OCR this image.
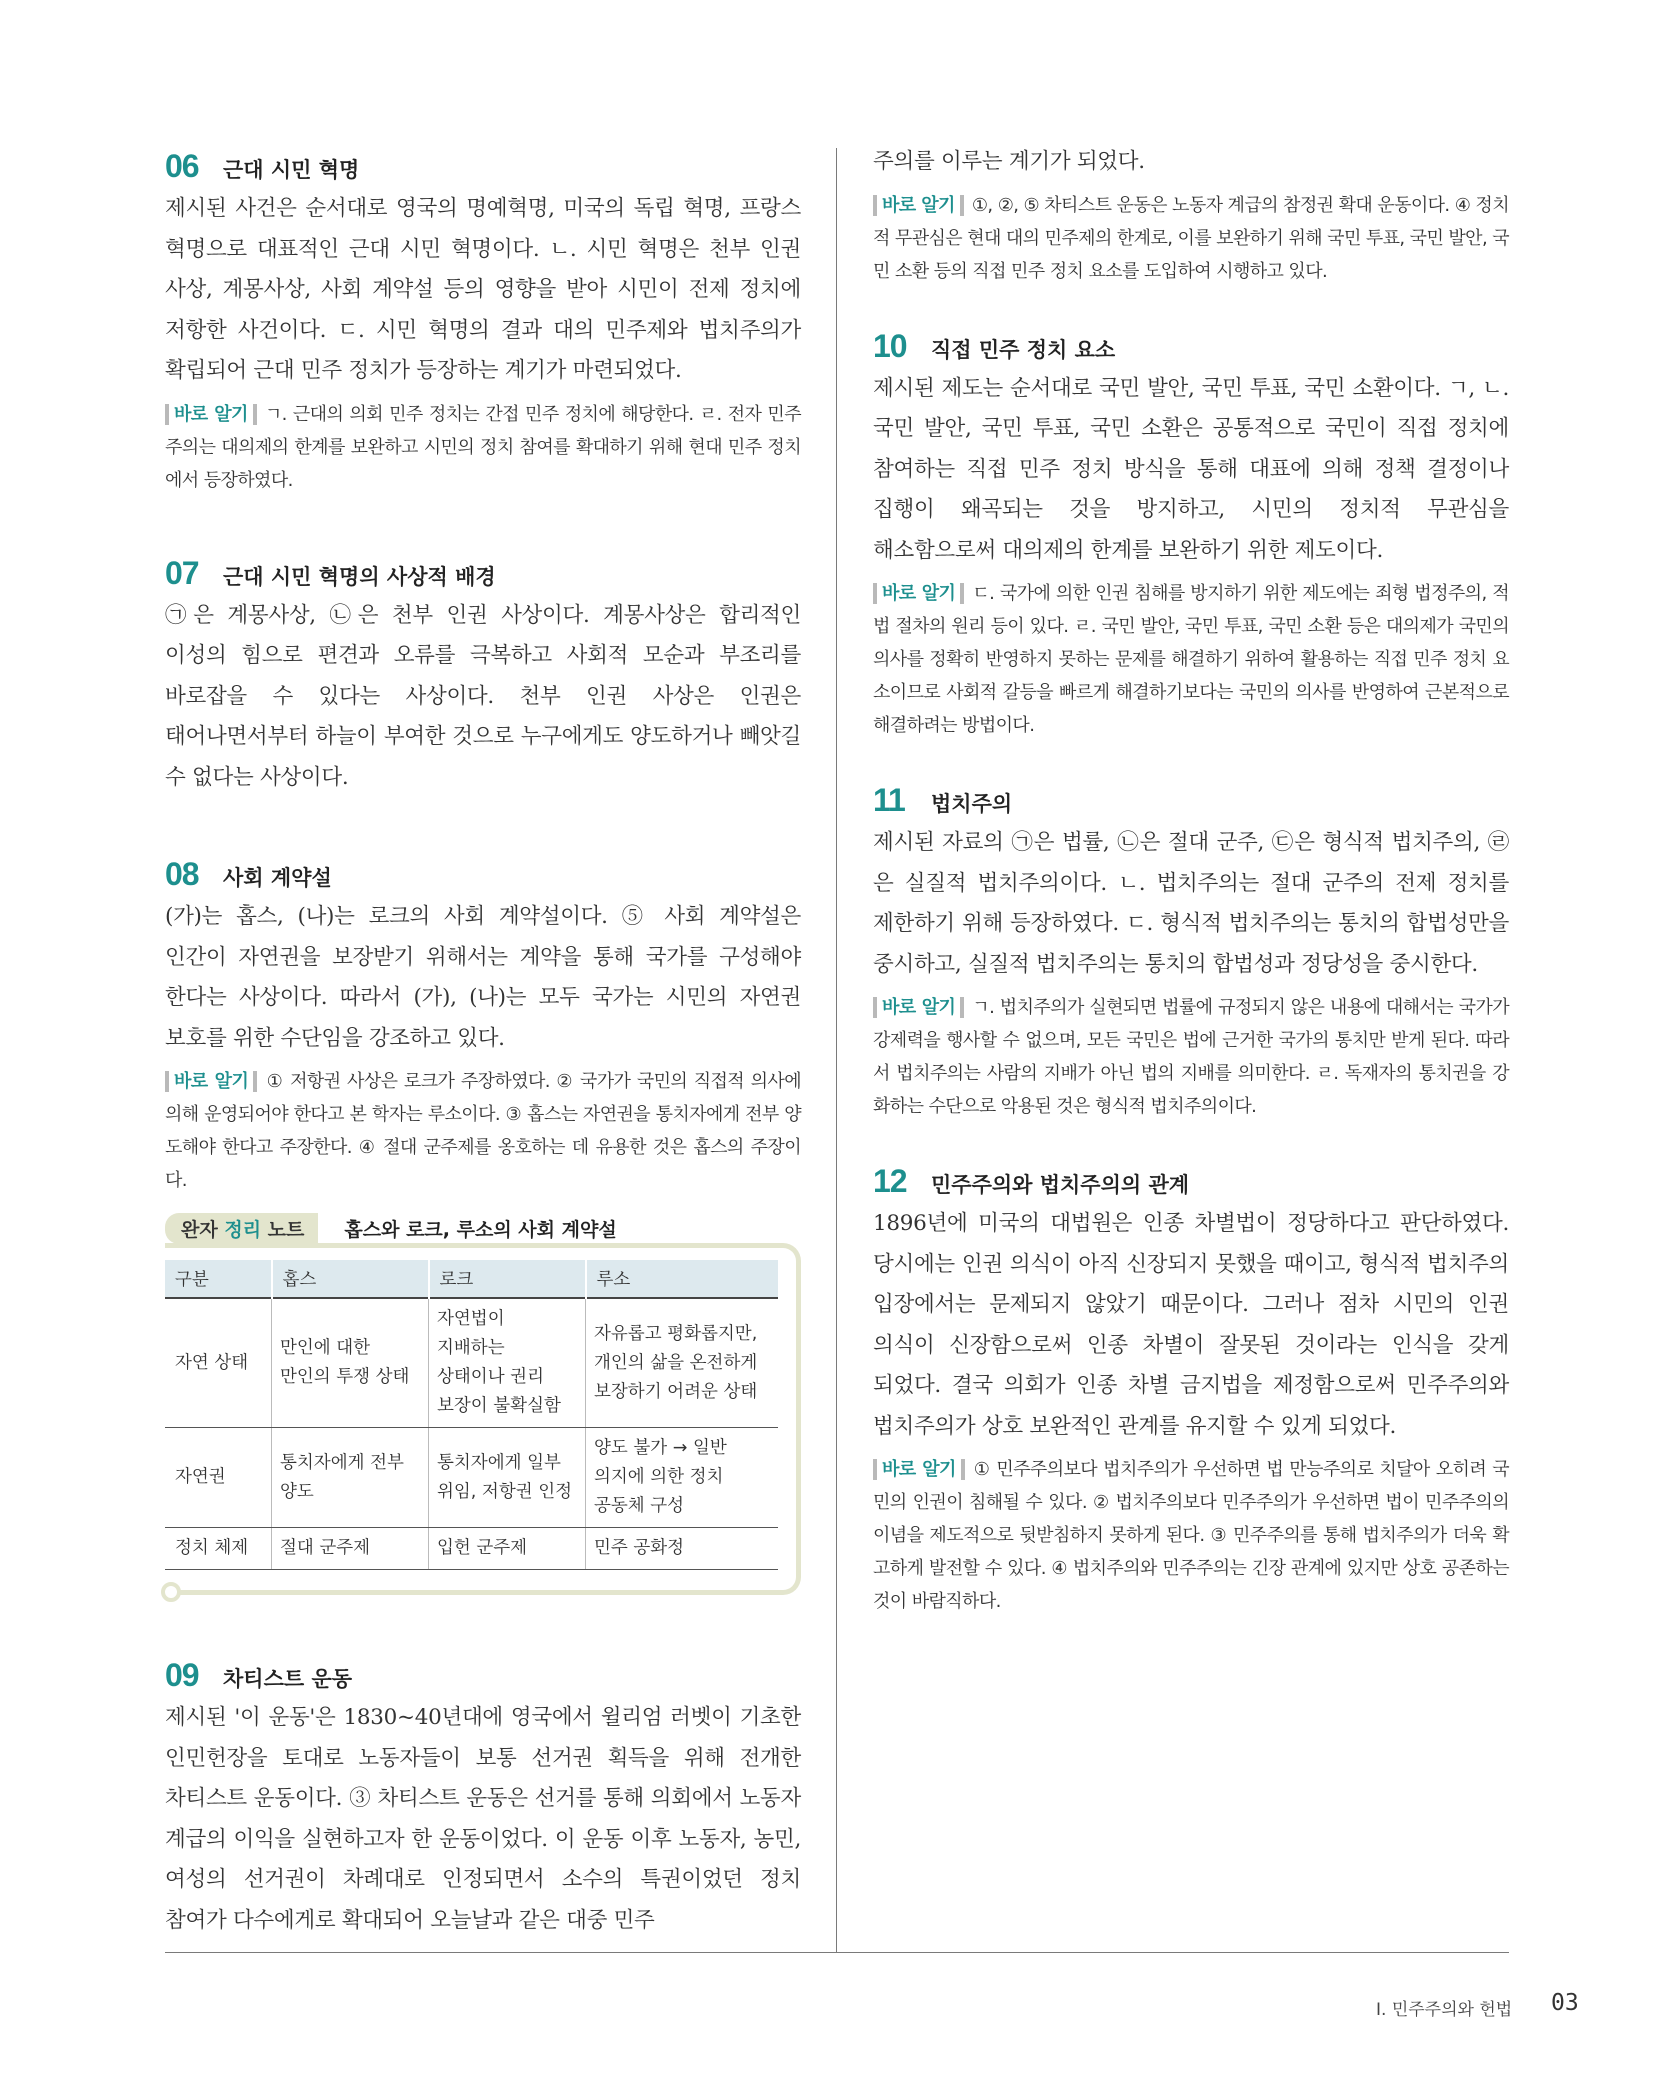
06	근대 시민 혁명

제시된 사건은 순서대로 영국의 명예혁명, 미국의 독립 혁명, 프랑스 혁명으로 대표적인 근대 시민 혁명이다. ㄴ. 시민 혁명은 천부 인권 사상, 계몽사상, 사회 계약설 등의 영향을 받아 시민이 전제 정치에 저항한 사건이다. ㄷ. 시민 혁명의 결과 대의 민주제와 법치주의가 확립되어 근대 민주 정치가 등장하는 계기가 마련되었다.

바로 알기 ㄱ. 근대의 의회 민주 정치는 간접 민주 정치에 해당한다. ㄹ. 전자 민주주의는 대의제의 한계를 보완하고 시민의 정치 참여를 확대하기 위해 현대 민주 정치에서 등장하였다.

07	근대 시민 혁명의 사상적 배경

㉠은 계몽사상, ㉡은 천부 인권 사상이다. 계몽사상은 합리적인 이성의 힘으로 편견과 오류를 극복하고 사회적 모순과 부조리를 바로잡을 수 있다는 사상이다. 천부 인권 사상은 인권은 태어나면서부터 하늘이 부여한 것으로 누구에게도 양도하거나 빼앗길 수 없다는 사상이다.

08	사회 계약설

(가)는 홉스, (나)는 로크의 사회 계약설이다. ⑤ 사회 계약설은 인간이 자연권을 보장받기 위해서는 계약을 통해 국가를 구성해야 한다는 사상이다. 따라서 (가), (나)는 모두 국가는 시민의 자연권 보호를 위한 수단임을 강조하고 있다.

바로 알기 ① 저항권 사상은 로크가 주장하였다. ② 국가가 국민의 직접적 의사에 의해 운영되어야 한다고 본 학자는 루소이다. ③ 홉스는 자연권을 통치자에게 전부 양도해야 한다고 주장한다. ④ 절대 군주제를 옹호하는 데 유용한 것은 홉스의 주장이다.

완자 정리 노트	홉스와 로크, 루소의 사회 계약설
구분	홉스	로크	루소
자연 상태	만인에 대한 만인의 투쟁 상태	자연법이 지배하는 상태이나 권리 보장이 불확실함	자유롭고 평화롭지만, 개인의 삶을 온전하게 보장하기 어려운 상태
자연권	통치자에게 전부 양도	통치자에게 일부 위임, 저항권 인정	양도 불가 → 일반 의지에 의한 정치 공동체 구성
정치 체제	절대 군주제	입헌 군주제	민주 공화정
09	차티스트 운동

제시된 '이 운동'은 1830~40년대에 영국에서 윌리엄 러벳이 기초한 인민헌장을 토대로 노동자들이 보통 선거권 획득을 위해 전개한 차티스트 운동이다. ③ 차티스트 운동은 선거를 통해 의회에서 노동자 계급의 이익을 실현하고자 한 운동이었다. 이 운동 이후 노동자, 농민, 여성의 선거권이 차례대로 인정되면서 소수의 특권이었던 정치 참여가 다수에게로 확대되어 오늘날과 같은 대중 민주

주의를 이루는 계기가 되었다.

바로 알기 ①, ②, ⑤ 차티스트 운동은 노동자 계급의 참정권 확대 운동이다. ④ 정치적 무관심은 현대 대의 민주제의 한계로, 이를 보완하기 위해 국민 투표, 국민 발안, 국민 소환 등의 직접 민주 정치 요소를 도입하여 시행하고 있다.

10	직접 민주 정치 요소

제시된 제도는 순서대로 국민 발안, 국민 투표, 국민 소환이다. ㄱ, ㄴ. 국민 발안, 국민 투표, 국민 소환은 공통적으로 국민이 직접 정치에 참여하는 직접 민주 정치 방식을 통해 대표에 의해 정책 결정이나 집행이 왜곡되는 것을 방지하고, 시민의 정치적 무관심을 해소함으로써 대의제의 한계를 보완하기 위한 제도이다.

바로 알기 ㄷ. 국가에 의한 인권 침해를 방지하기 위한 제도에는 죄형 법정주의, 적법 절차의 원리 등이 있다. ㄹ. 국민 발안, 국민 투표, 국민 소환 등은 대의제가 국민의 의사를 정확히 반영하지 못하는 문제를 해결하기 위하여 활용하는 직접 민주 정치 요소이므로 사회적 갈등을 빠르게 해결하기보다는 국민의 의사를 반영하여 근본적으로 해결하려는 방법이다.

11	법치주의

제시된 자료의 ㉠은 법률, ㉡은 절대 군주, ㉢은 형식적 법치주의, ㉣은 실질적 법치주의이다. ㄴ. 법치주의는 절대 군주의 전제 정치를 제한하기 위해 등장하였다. ㄷ. 형식적 법치주의는 통치의 합법성만을 중시하고, 실질적 법치주의는 통치의 합법성과 정당성을 중시한다.

바로 알기 ㄱ. 법치주의가 실현되면 법률에 규정되지 않은 내용에 대해서는 국가가 강제력을 행사할 수 없으며, 모든 국민은 법에 근거한 국가의 통치만 받게 된다. 따라서 법치주의는 사람의 지배가 아닌 법의 지배를 의미한다. ㄹ. 독재자의 통치권을 강화하는 수단으로 악용된 것은 형식적 법치주의이다.

12	민주주의와 법치주의의 관계

1896년에 미국의 대법원은 인종 차별법이 정당하다고 판단하였다. 당시에는 인권 의식이 아직 신장되지 못했을 때이고, 형식적 법치주의 입장에서는 문제되지 않았기 때문이다. 그러나 점차 시민의 인권 의식이 신장함으로써 인종 차별이 잘못된 것이라는 인식을 갖게 되었다. 결국 의회가 인종 차별 금지법을 제정함으로써 민주주의와 법치주의가 상호 보완적인 관계를 유지할 수 있게 되었다.

바로 알기 ① 민주주의보다 법치주의가 우선하면 법 만능주의로 치달아 오히려 국민의 인권이 침해될 수 있다. ② 법치주의보다 민주주의가 우선하면 법이 민주주의의 이념을 제도적으로 뒷받침하지 못하게 된다. ③ 민주주의를 통해 법치주의가 더욱 확고하게 발전할 수 있다. ④ 법치주의와 민주주의는 긴장 관계에 있지만 상호 공존하는 것이 바람직하다.

Ⅰ. 민주주의와 헌법 03
